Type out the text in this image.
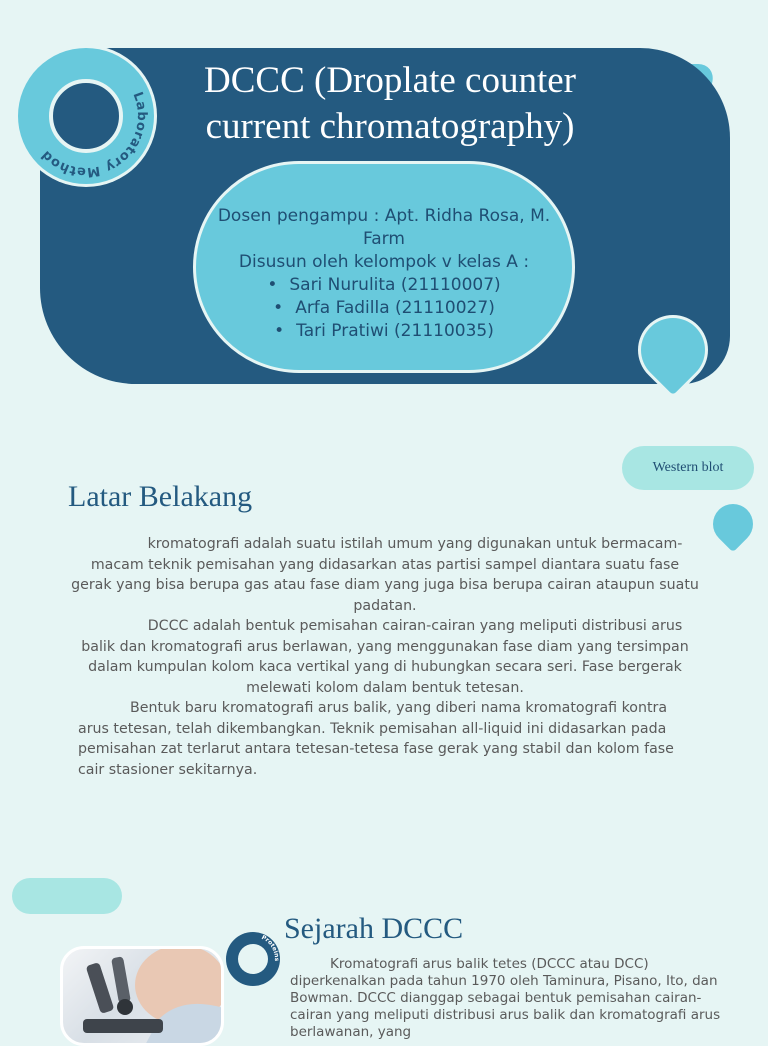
Laboratory Method
DCCC (Droplate counter
current chromatography)
Dosen pengampu : Apt. Ridha Rosa, M. Farm
Disusun oleh kelompok v kelas A :
• Sari Nurulita (21110007)
• Arfa Fadilla (21110027)
• Tari Pratiwi (21110035)
Western blot
Latar Belakang

kromatografi adalah suatu istilah umum yang digunakan untuk bermacam-macam teknik pemisahan yang didasarkan atas partisi sampel diantara suatu fase gerak yang bisa berupa gas atau fase diam yang juga bisa berupa cairan ataupun suatu padatan.

DCCC adalah bentuk pemisahan cairan-cairan yang meliputi distribusi arus balik dan kromatografi arus berlawan, yang menggunakan fase diam yang tersimpan dalam kumpulan kolom kaca vertikal yang di hubungkan secara seri. Fase bergerak melewati kolom dalam bentuk tetesan.

Bentuk baru kromatografi arus balik, yang diberi nama kromatografi kontra arus tetesan, telah dikembangkan. Teknik pemisahan all-liquid ini didasarkan pada pemisahan zat terlarut antara tetesan-tetesa fase gerak yang stabil dan kolom fase cair stasioner sekitarnya.

Proteins
Sejarah DCCC

Kromatografi arus balik tetes (DCCC atau DCC) diperkenalkan pada tahun 1970 oleh Taminura, Pisano, Ito, dan Bowman. DCCC dianggap sebagai bentuk pemisahan cairan-cairan yang meliputi distribusi arus balik dan kromatografi arus berlawanan, yang
